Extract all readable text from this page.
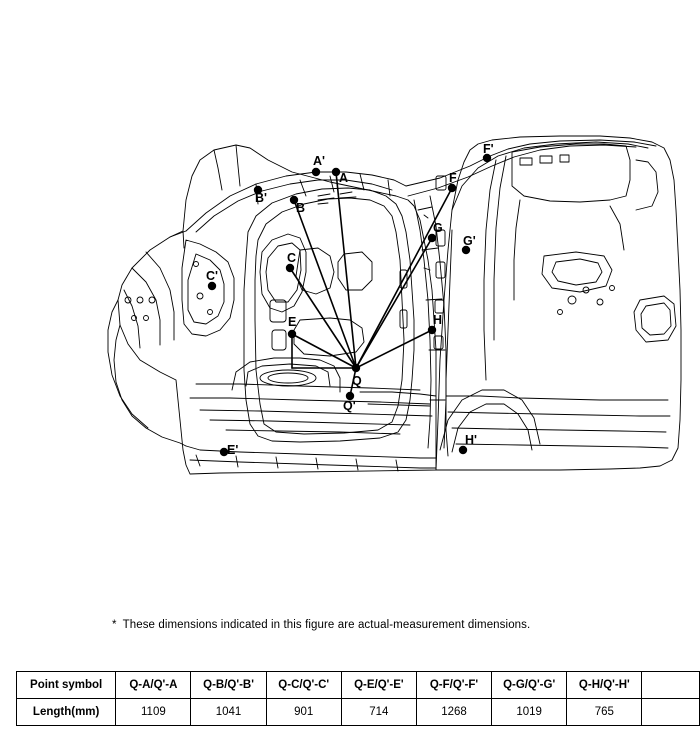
A'
A
B'
B
C'
C
E
E'
F'
F
G
G'
H
H'
Q
Q'
* These dimensions indicated in this figure are actual-measurement dimensions.
Point symbol	Q-A/Q'-A	Q-B/Q'-B'	Q-C/Q'-C'	Q-E/Q'-E'	Q-F/Q'-F'	Q-G/Q'-G'	Q-H/Q'-H'	
Length(mm)	1109	1041	901	714	1268	1019	765	
